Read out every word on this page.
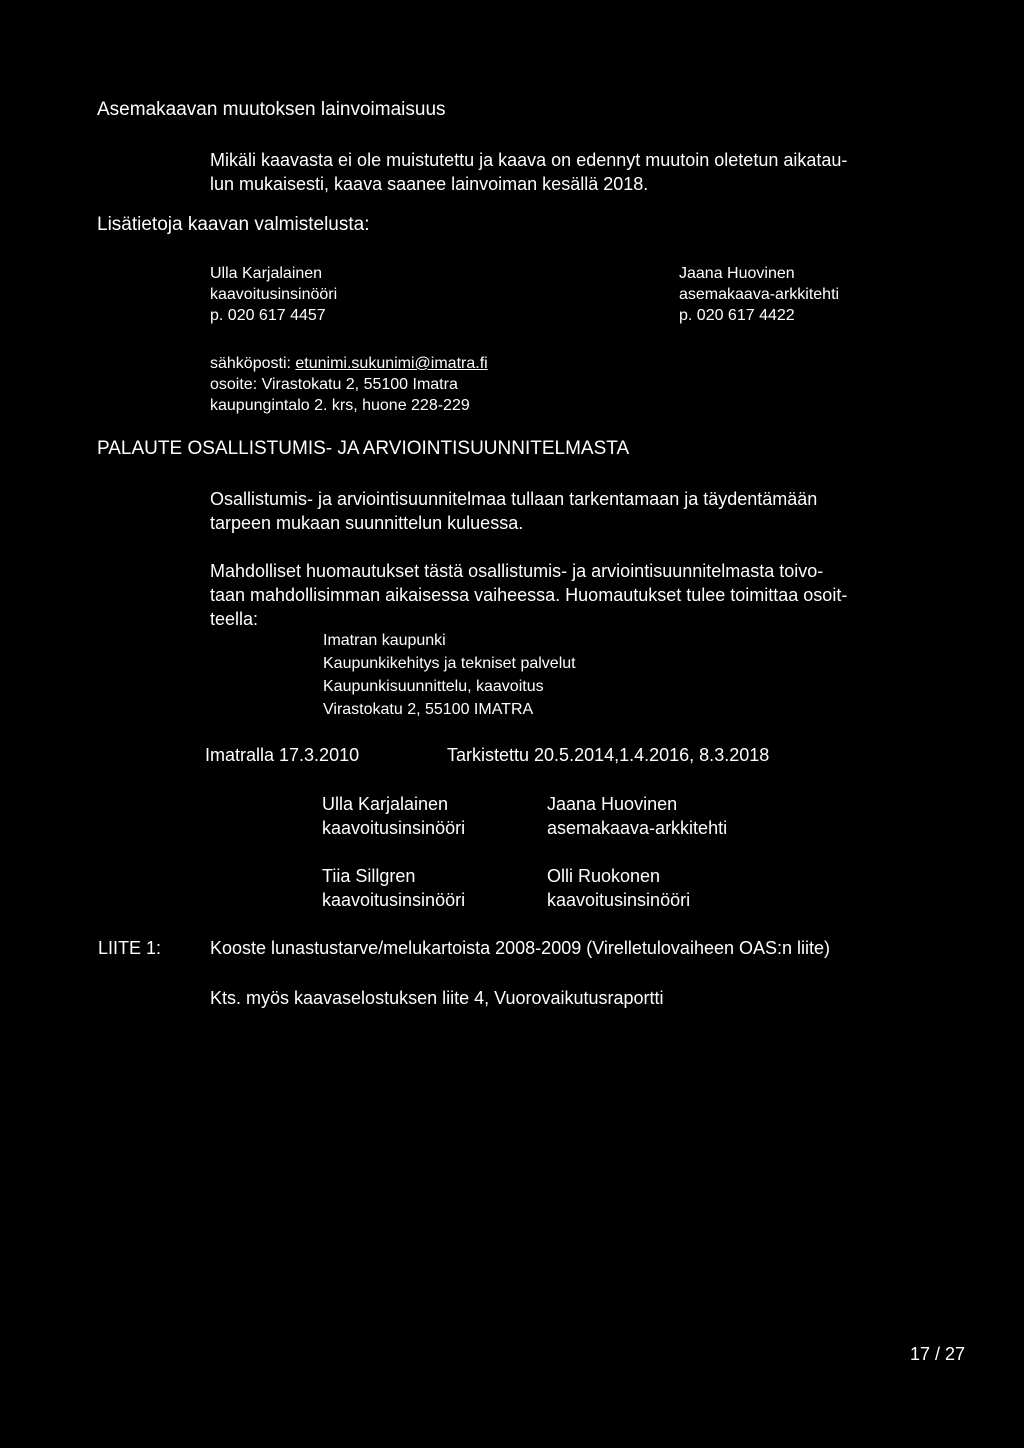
Asemakaavan muutoksen lainvoimaisuus
Mikäli kaavasta ei ole muistutettu ja kaava on edennyt muutoin oletetun aikatau-
lun mukaisesti, kaava saanee lainvoiman kesällä 2018.
Lisätietoja kaavan valmistelusta:
Ulla Karjalainen
kaavoitusinsinööri
p. 020 617 4457
Jaana Huovinen
asemakaava-arkkitehti
p. 020 617 4422
sähköposti: etunimi.sukunimi@imatra.fi
osoite: Virastokatu 2, 55100 Imatra
kaupungintalo 2. krs, huone 228-229
PALAUTE OSALLISTUMIS- JA ARVIOINTISUUNNITELMASTA
Osallistumis- ja arviointisuunnitelmaa tullaan tarkentamaan ja täydentämään
tarpeen mukaan suunnittelun kuluessa.
Mahdolliset huomautukset tästä osallistumis- ja arviointisuunnitelmasta toivo-
taan mahdollisimman aikaisessa vaiheessa. Huomautukset tulee toimittaa osoit-
teella:
Imatran kaupunki
Kaupunkikehitys ja tekniset palvelut
Kaupunkisuunnittelu, kaavoitus
Virastokatu 2, 55100 IMATRA
Imatralla 17.3.2010	Tarkistettu 20.5.2014,1.4.2016, 8.3.2018
Ulla Karjalainen
kaavoitusinsinööri
Jaana Huovinen
asemakaava-arkkitehti
Tiia Sillgren
kaavoitusinsinööri
Olli Ruokonen
kaavoitusinsinööri
LIITE 1:	Kooste lunastustarve/melukartoista 2008-2009 (Virelletulovaiheen OAS:n liite)
Kts. myös kaavaselostuksen liite 4, Vuorovaikutusraportti
17 / 27
